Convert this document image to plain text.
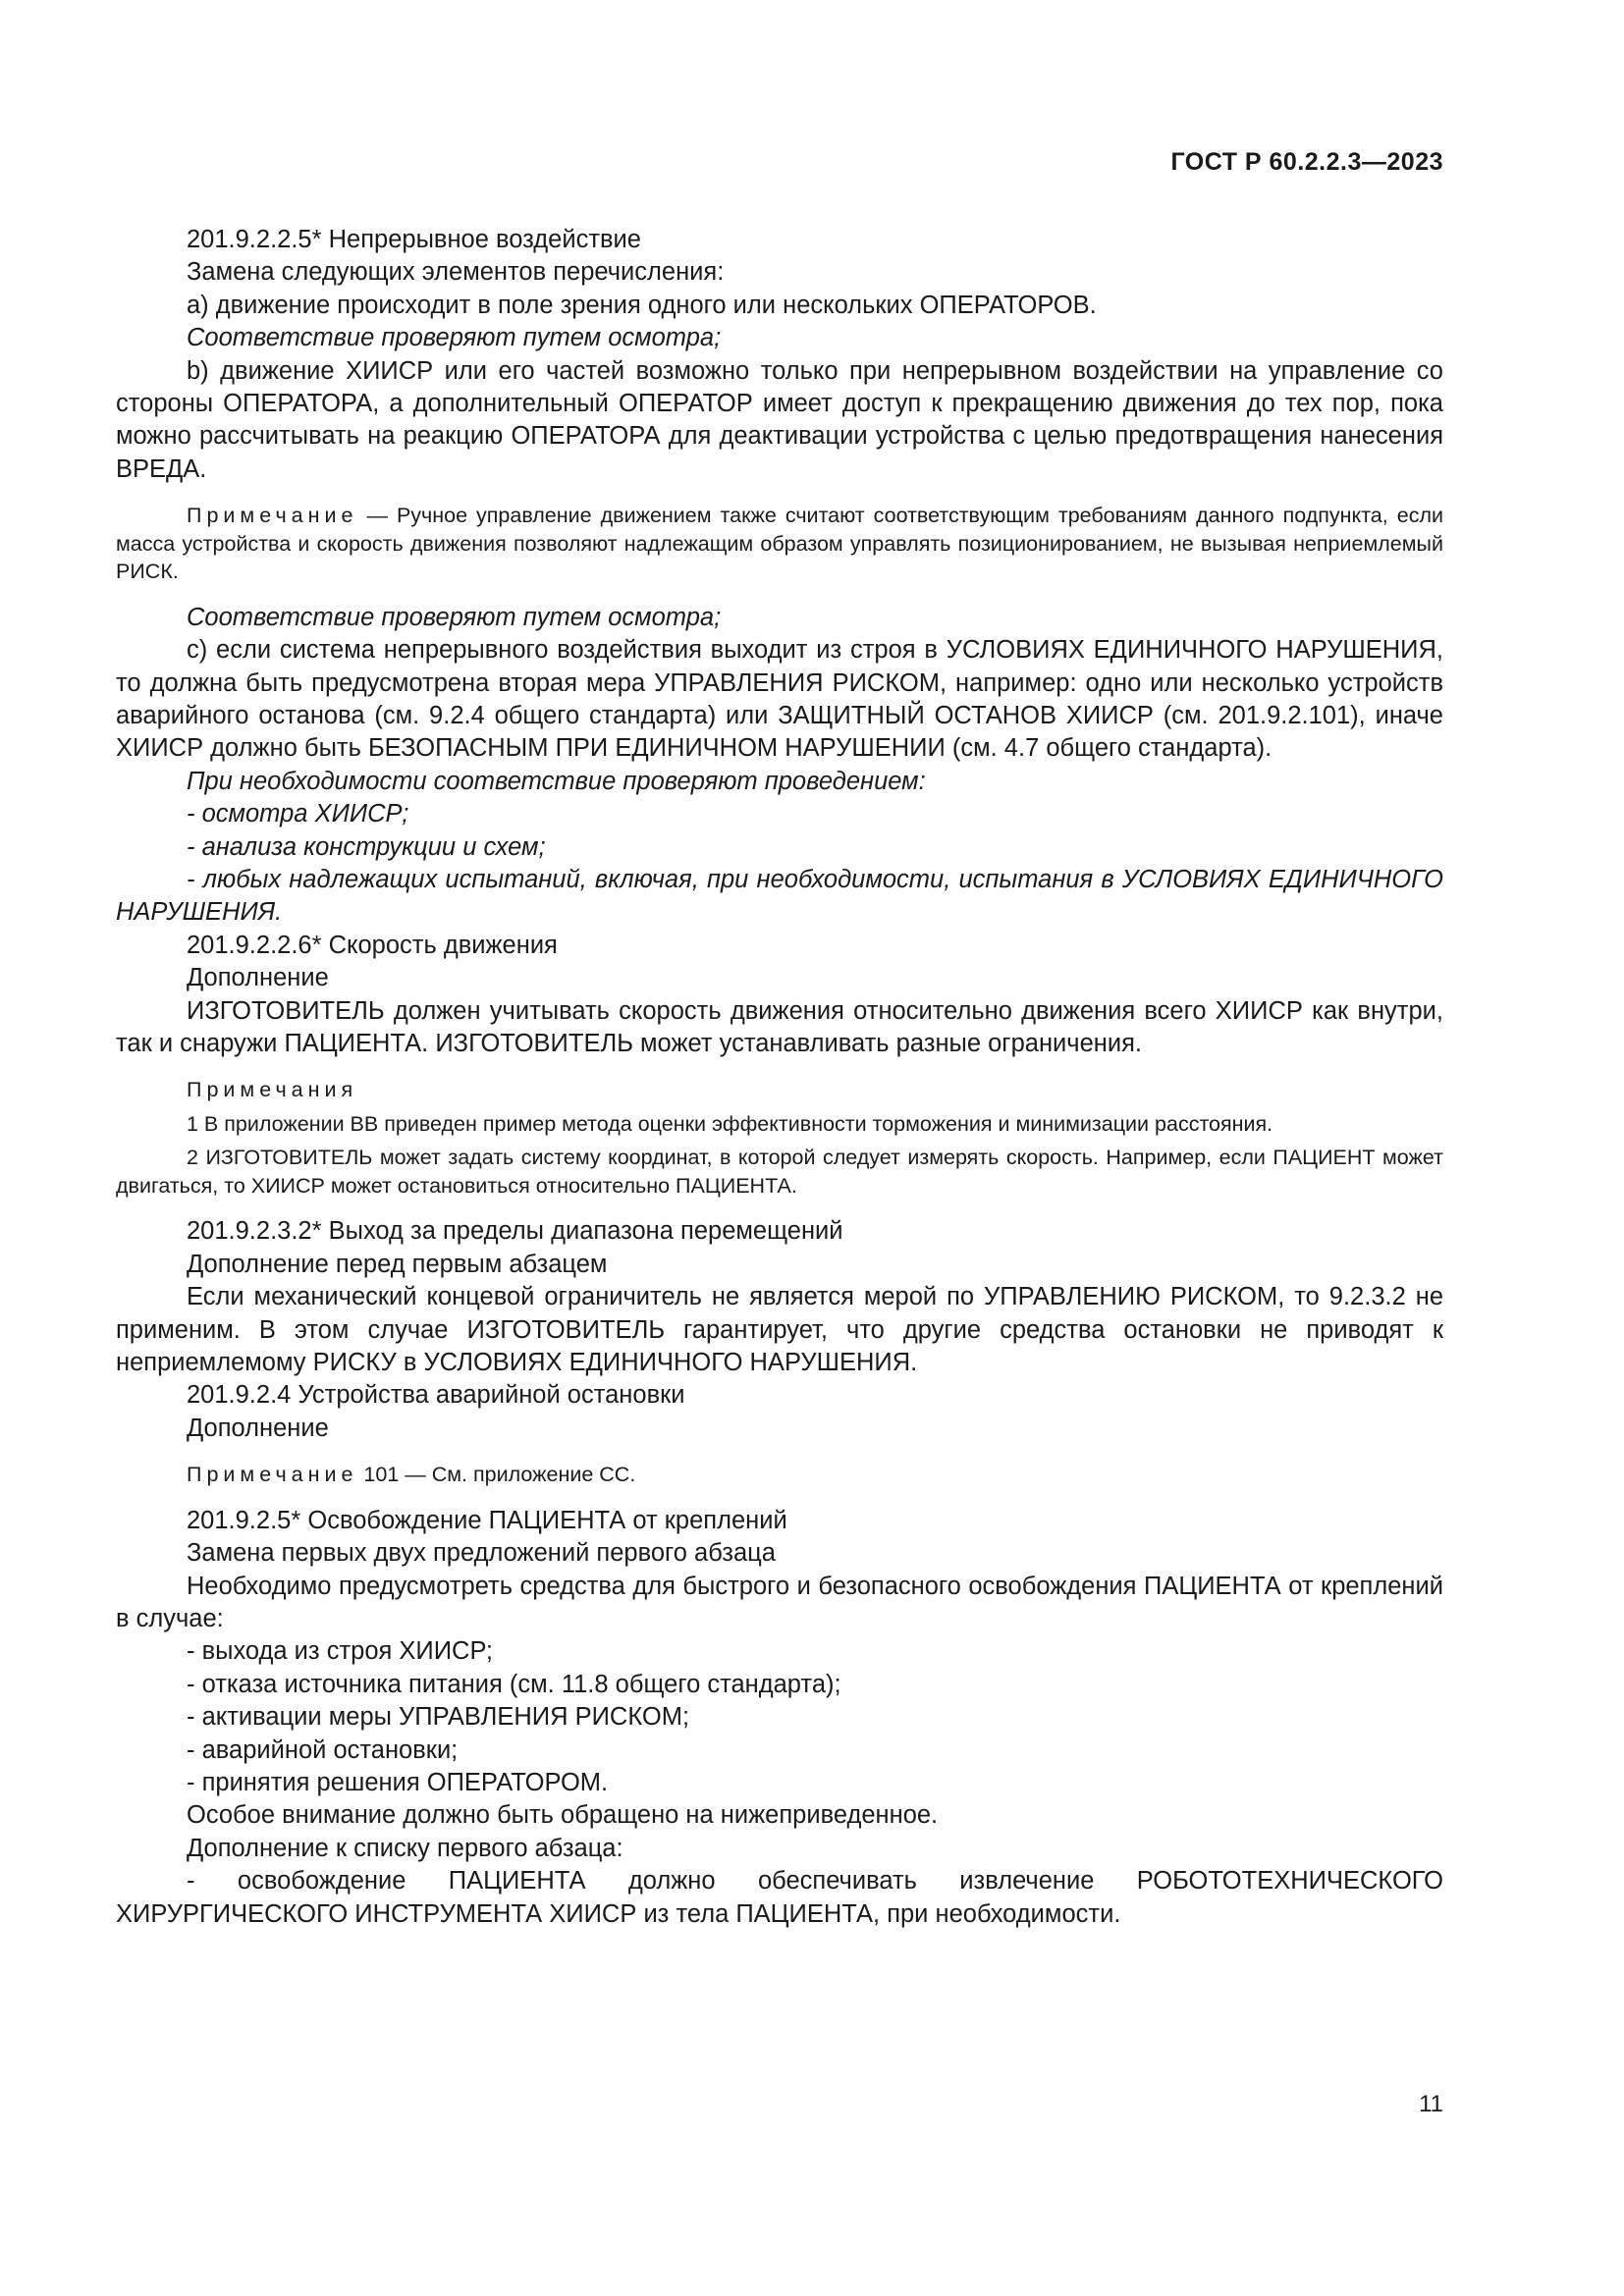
ГОСТ Р 60.2.2.3—2023

201.9.2.2.5* Непрерывное воздействие

Замена следующих элементов перечисления:

а) движение происходит в поле зрения одного или нескольких ОПЕРАТОРОВ.

Соответствие проверяют путем осмотра;

b) движение ХИИСР или его частей возможно только при непрерывном воздействии на управление со стороны ОПЕРАТОРА, а дополнительный ОПЕРАТОР имеет доступ к прекращению движения до тех пор, пока можно рассчитывать на реакцию ОПЕРАТОРА для деактивации устройства с целью предотвращения нанесения ВРЕДА.

Примечание — Ручное управление движением также считают соответствующим требованиям данного подпункта, если масса устройства и скорость движения позволяют надлежащим образом управлять позиционированием, не вызывая неприемлемый РИСК.

Соответствие проверяют путем осмотра;

с) если система непрерывного воздействия выходит из строя в УСЛОВИЯХ ЕДИНИЧНОГО НАРУШЕНИЯ, то должна быть предусмотрена вторая мера УПРАВЛЕНИЯ РИСКОМ, например: одно или несколько устройств аварийного останова (см. 9.2.4 общего стандарта) или ЗАЩИТНЫЙ ОСТАНОВ ХИИСР (см. 201.9.2.101), иначе ХИИСР должно быть БЕЗОПАСНЫМ ПРИ ЕДИНИЧНОМ НАРУШЕНИИ (см. 4.7 общего стандарта).

При необходимости соответствие проверяют проведением:

- осмотра ХИИСР;

- анализа конструкции и схем;

- любых надлежащих испытаний, включая, при необходимости, испытания в УСЛОВИЯХ ЕДИНИЧНОГО НАРУШЕНИЯ.

201.9.2.2.6* Скорость движения

Дополнение

ИЗГОТОВИТЕЛЬ должен учитывать скорость движения относительно движения всего ХИИСР как внутри, так и снаружи ПАЦИЕНТА. ИЗГОТОВИТЕЛЬ может устанавливать разные ограничения.

Примечания

1 В приложении ВВ приведен пример метода оценки эффективности торможения и минимизации расстояния.

2 ИЗГОТОВИТЕЛЬ может задать систему координат, в которой следует измерять скорость. Например, если ПАЦИЕНТ может двигаться, то ХИИСР может остановиться относительно ПАЦИЕНТА.

201.9.2.3.2* Выход за пределы диапазона перемещений

Дополнение перед первым абзацем

Если механический концевой ограничитель не является мерой по УПРАВЛЕНИЮ РИСКОМ, то 9.2.3.2 не применим. В этом случае ИЗГОТОВИТЕЛЬ гарантирует, что другие средства остановки не приводят к неприемлемому РИСКУ в УСЛОВИЯХ ЕДИНИЧНОГО НАРУШЕНИЯ.

201.9.2.4 Устройства аварийной остановки

Дополнение

Примечание 101 — См. приложение СС.

201.9.2.5* Освобождение ПАЦИЕНТА от креплений

Замена первых двух предложений первого абзаца

Необходимо предусмотреть средства для быстрого и безопасного освобождения ПАЦИЕНТА от креплений в случае:

- выхода из строя ХИИСР;

- отказа источника питания (см. 11.8 общего стандарта);

- активации меры УПРАВЛЕНИЯ РИСКОМ;

- аварийной остановки;

- принятия решения ОПЕРАТОРОМ.

Особое внимание должно быть обращено на нижеприведенное.

Дополнение к списку первого абзаца:

- освобождение ПАЦИЕНТА должно обеспечивать извлечение РОБОТОТЕХНИЧЕСКОГО ХИРУРГИЧЕСКОГО ИНСТРУМЕНТА ХИИСР из тела ПАЦИЕНТА, при необходимости.

11
